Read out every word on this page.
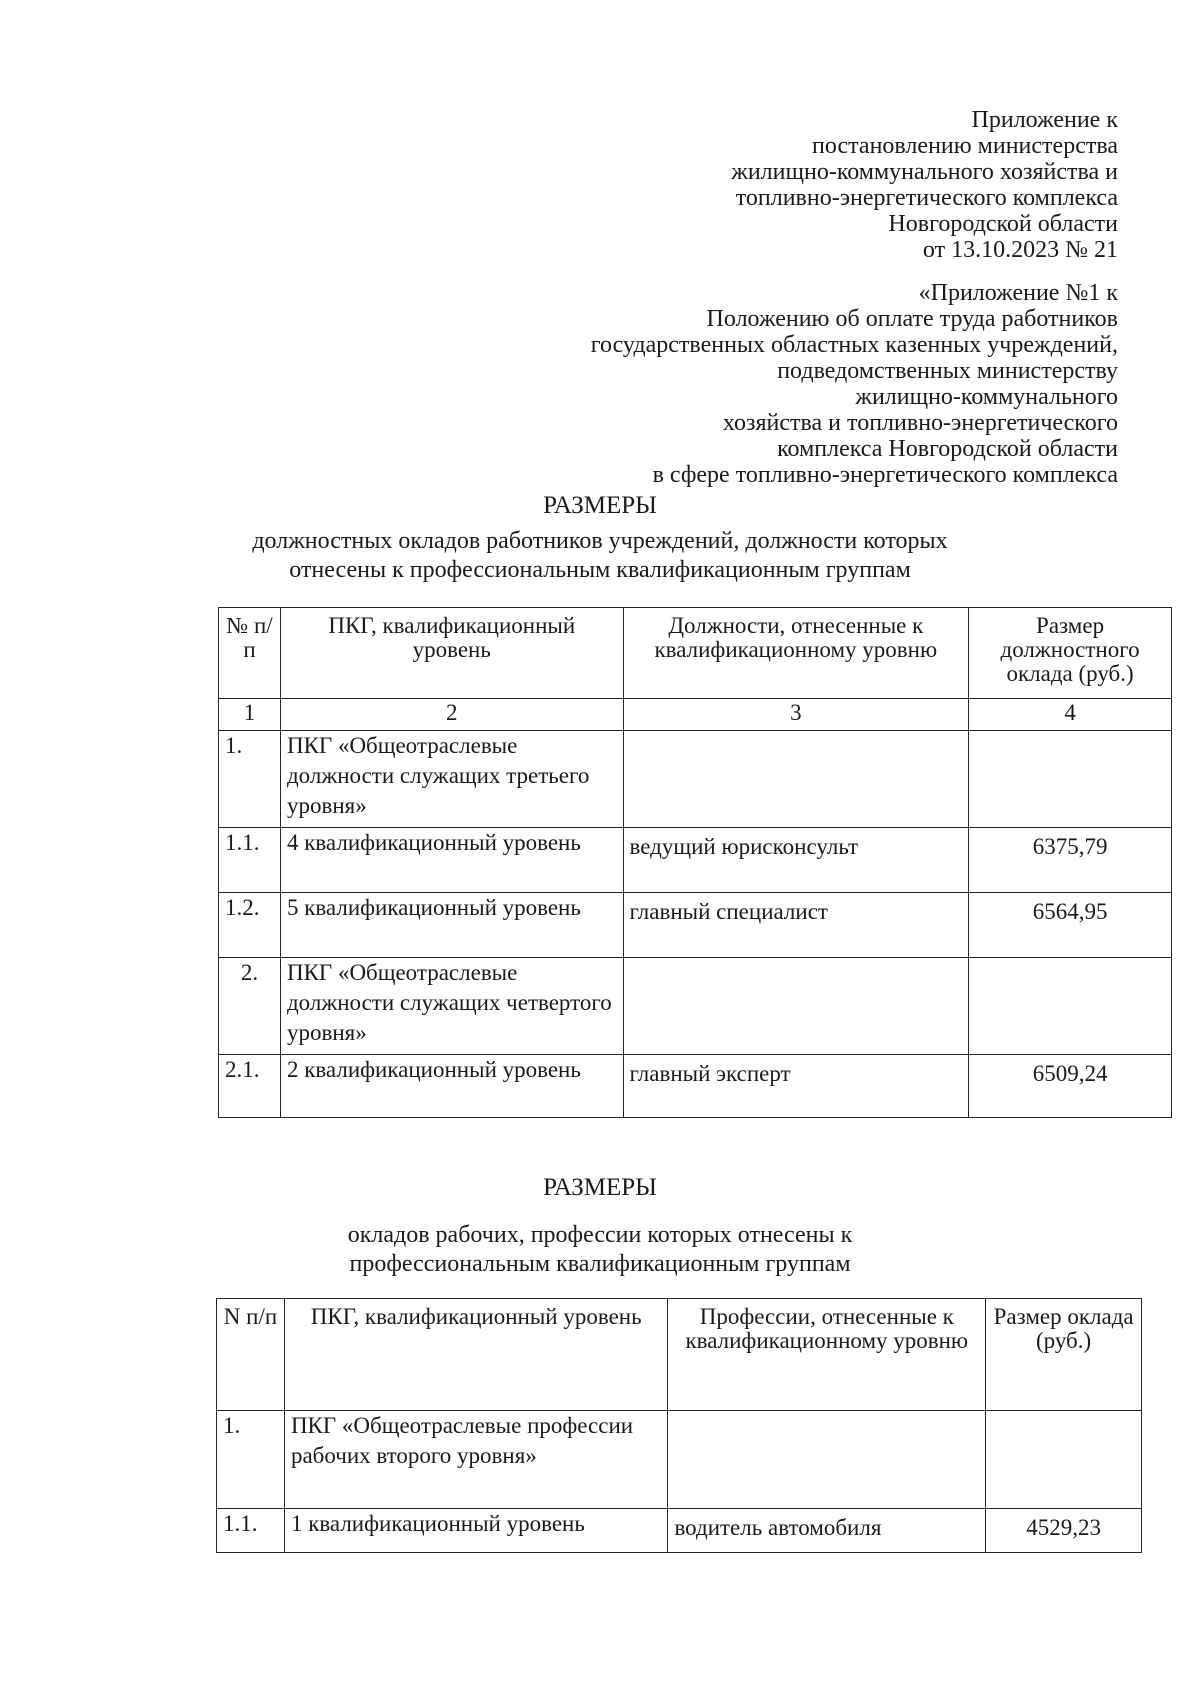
Приложение к
постановлению министерства
жилищно-коммунального хозяйства и
топливно-энергетического комплекса
Новгородской области
от 13.10.2023 № 21
«Приложение №1 к
Положению об оплате труда работников
государственных областных казенных учреждений,
подведомственных министерству
жилищно-коммунального
хозяйства и топливно-энергетического
комплекса Новгородской области
в сфере топливно-энергетического комплекса
РАЗМЕРЫ
должностных окладов работников учреждений, должности которых
отнесены к профессиональным квалификационным группам
№ п/п	ПКГ, квалификационный уровень	Должности, отнесенные к квалификационному уровню	Размер должностного оклада (руб.)
1	2	3	4
1.	ПКГ «Общеотраслевые должности служащих третьего уровня»		
1.1.	4 квалификационный уровень	ведущий юрисконсульт	6375,79
1.2.	5 квалификационный уровень	главный специалист	6564,95
2.	ПКГ «Общеотраслевые должности служащих четвертого уровня»		
2.1.	2 квалификационный уровень	главный эксперт	6509,24
РАЗМЕРЫ
окладов рабочих, профессии которых отнесены к
профессиональным квалификационным группам
N п/п	ПКГ, квалификационный уровень	Профессии, отнесенные к квалификационному уровню	Размер оклада (руб.)
1.	ПКГ «Общеотраслевые профессии рабочих второго уровня»		
1.1.	1 квалификационный уровень	водитель автомобиля	4529,23
